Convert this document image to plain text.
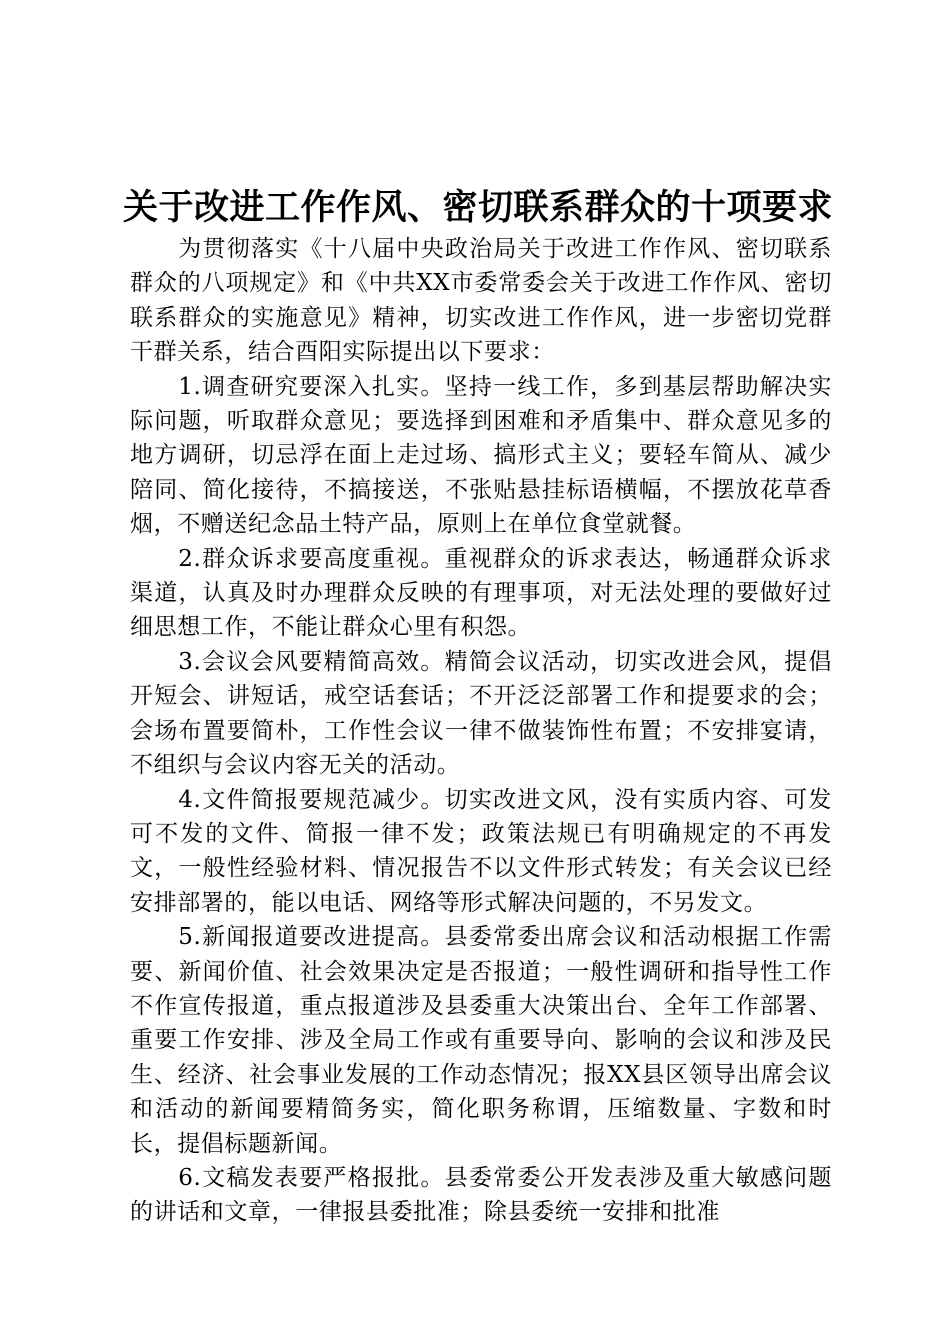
关于改进工作作风、密切联系群众的十项要求

为贯彻落实《十八届中央政治局关于改进工作作风、密切联系群众的八项规定》和《中共XX市委常委会关于改进工作作风、密切联系群众的实施意见》精神，切实改进工作作风，进一步密切党群干群关系，结合酉阳实际提出以下要求：

1.调查研究要深入扎实。坚持一线工作，多到基层帮助解决实际问题，听取群众意见；要选择到困难和矛盾集中、群众意见多的地方调研，切忌浮在面上走过场、搞形式主义；要轻车简从、减少陪同、简化接待，不搞接送，不张贴悬挂标语横幅，不摆放花草香烟，不赠送纪念品土特产品，原则上在单位食堂就餐。

2.群众诉求要高度重视。重视群众的诉求表达，畅通群众诉求渠道，认真及时办理群众反映的有理事项，对无法处理的要做好过细思想工作，不能让群众心里有积怨。

3.会议会风要精简高效。精简会议活动，切实改进会风，提倡开短会、讲短话，戒空话套话；不开泛泛部署工作和提要求的会；会场布置要简朴，工作性会议一律不做装饰性布置；不安排宴请，不组织与会议内容无关的活动。

4.文件简报要规范减少。切实改进文风，没有实质内容、可发可不发的文件、简报一律不发；政策法规已有明确规定的不再发文，一般性经验材料、情况报告不以文件形式转发；有关会议已经安排部署的，能以电话、网络等形式解决问题的，不另发文。

5.新闻报道要改进提高。县委常委出席会议和活动根据工作需要、新闻价值、社会效果决定是否报道；一般性调研和指导性工作不作宣传报道，重点报道涉及县委重大决策出台、全年工作部署、重要工作安排、涉及全局工作或有重要导向、影响的会议和涉及民生、经济、社会事业发展的工作动态情况；报XX县区领导出席会议和活动的新闻要精简务实，简化职务称谓，压缩数量、字数和时长，提倡标题新闻。

6.文稿发表要严格报批。县委常委公开发表涉及重大敏感问题的讲话和文章，一律报县委批准；除县委统一安排和批准
